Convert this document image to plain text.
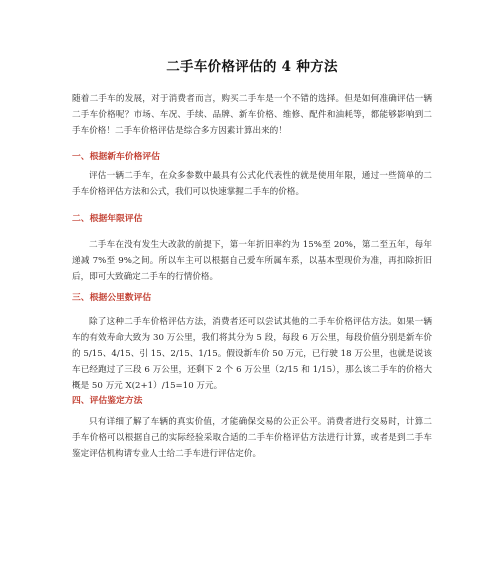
二手车价格评估的 4 种方法

随着二手车的发展，对于消费者而言，购买二手车是一个不错的选择。但是如何准确评估一辆二手车价格呢？市场、车况、手续、品牌、新车价格、维修、配件和油耗等，都能够影响到二手车价格！二手车价格评估是综合多方因素计算出来的！

一、根据新车价格评估

评估一辆二手车，在众多参数中最具有公式化代表性的就是使用年限，通过一些简单的二手车价格评估方法和公式，我们可以快速掌握二手车的价格。

二、根据年限评估

二手车在没有发生大改款的前提下，第一年折旧率约为 15%至 20%，第二至五年，每年递减 7%至 9%之间。所以车主可以根据自己爱车所属车系，以基本型现价为准，再扣除折旧后，即可大致确定二手车的行情价格。

三、根据公里数评估

除了这种二手车价格评估方法，消费者还可以尝试其他的二手车价格评估方法。如果一辆车的有效寿命大致为 30 万公里，我们将其分为 5 段，每段 6 万公里，每段价值分别是新车价的 5/15、4/15、引 15、2/15、1/15。假设新车价 50 万元，已行驶 18 万公里，也就是说该车已经跑过了三段 6 万公里，还剩下 2 个 6 万公里（2/15 和 1/15），那么该二手车的价格大概是 50 万元 X(2+1）/15=10 万元。

四、评估鉴定方法

只有详细了解了车辆的真实价值，才能确保交易的公正公平。消费者进行交易时，计算二手车价格可以根据自己的实际经验采取合适的二手车价格评估方法进行计算，或者是到二手车鉴定评估机构请专业人士给二手车进行评估定价。
